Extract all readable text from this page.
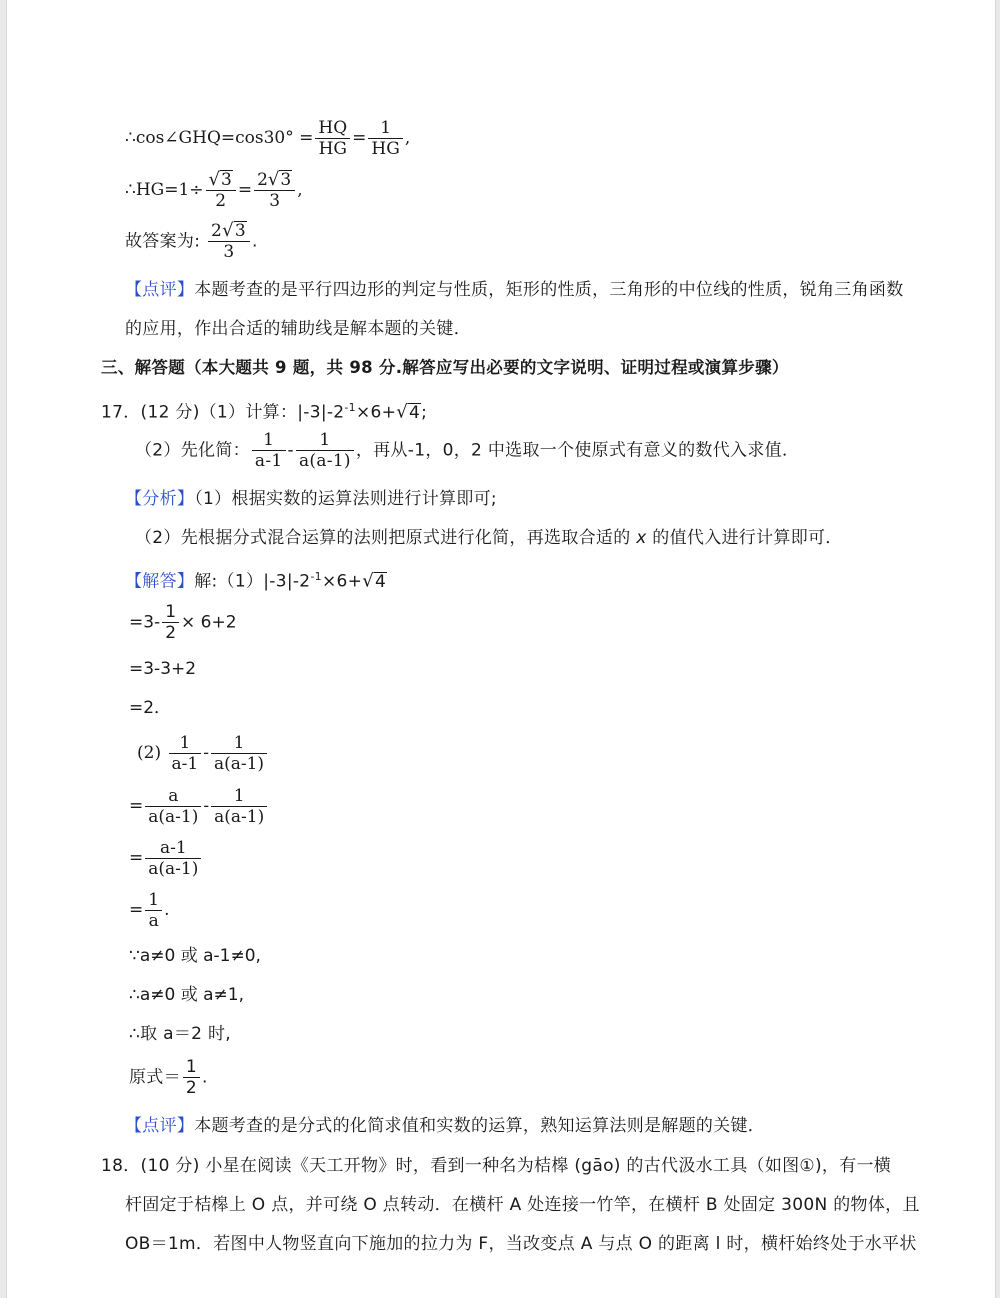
∴cos∠GHQ=cos30° = $\frac{HQ}{HG} = \frac{1}{HG}$ ,
∴HG=1÷ $\frac{√3}{2} = \frac{2√3}{3}$ ,
故答案为: $\frac{2√3}{3}$ .
【点评】本题考查的是平行四边形的判定与性质，矩形的性质，三角形的中位线的性质，锐角三角函数
的应用，作出合适的辅助线是解本题的关键．
三、解答题（本大题共 9 题，共 98 分.解答应写出必要的文字说明、证明过程或演算步骤）
17．(12 分)（1）计算：$|-3|-2^{-1}\times 6+√4$;
（2）先化简： $\frac{1}{a-1} - \frac{1}{a(a-1)}$ ，再从-1，0，2 中选取一个使原式有意义的数代入求值．
【分析】（1）根据实数的运算法则进行计算即可;
（2）先根据分式混合运算的法则把原式进行化简，再选取合适的 x 的值代入进行计算即可．
【解答】解$:(1)|-3|-2^{-1}\times 6+√4$
$=3- \frac{1}{2} \times 6+2$
=3-3+2
=2．
$(2) \frac{1}{a-1} - \frac{1}{a(a-1)}$
= $\frac{a}{a(a-1)} - \frac{1}{a(a-1)}$
= $\frac{a-1}{a(a-1)}$
= $\frac{1}{a}$ .
∵a≠0 或 a-1≠0,
∴a≠0 或 a≠1,
∴取 a＝2 时,
原式＝ $\frac{1}{2}$ .
【点评】本题考查的是分式的化简求值和实数的运算，熟知运算法则是解题的关键．
18．(10 分) 小星在阅读《天工开物》时，看到一种名为桔槔 (gāo) 的古代汲水工具（如图①)，有一横
杆固定于桔槔上 O 点，并可绕 O 点转动．在横杆 A 处连接一竹竿，在横杆 B 处固定 300N 的物体，且
OB＝1m．若图中人物竖直向下施加的拉力为 F，当改变点 A 与点 O 的距离 l 时，横杆始终处于水平状
